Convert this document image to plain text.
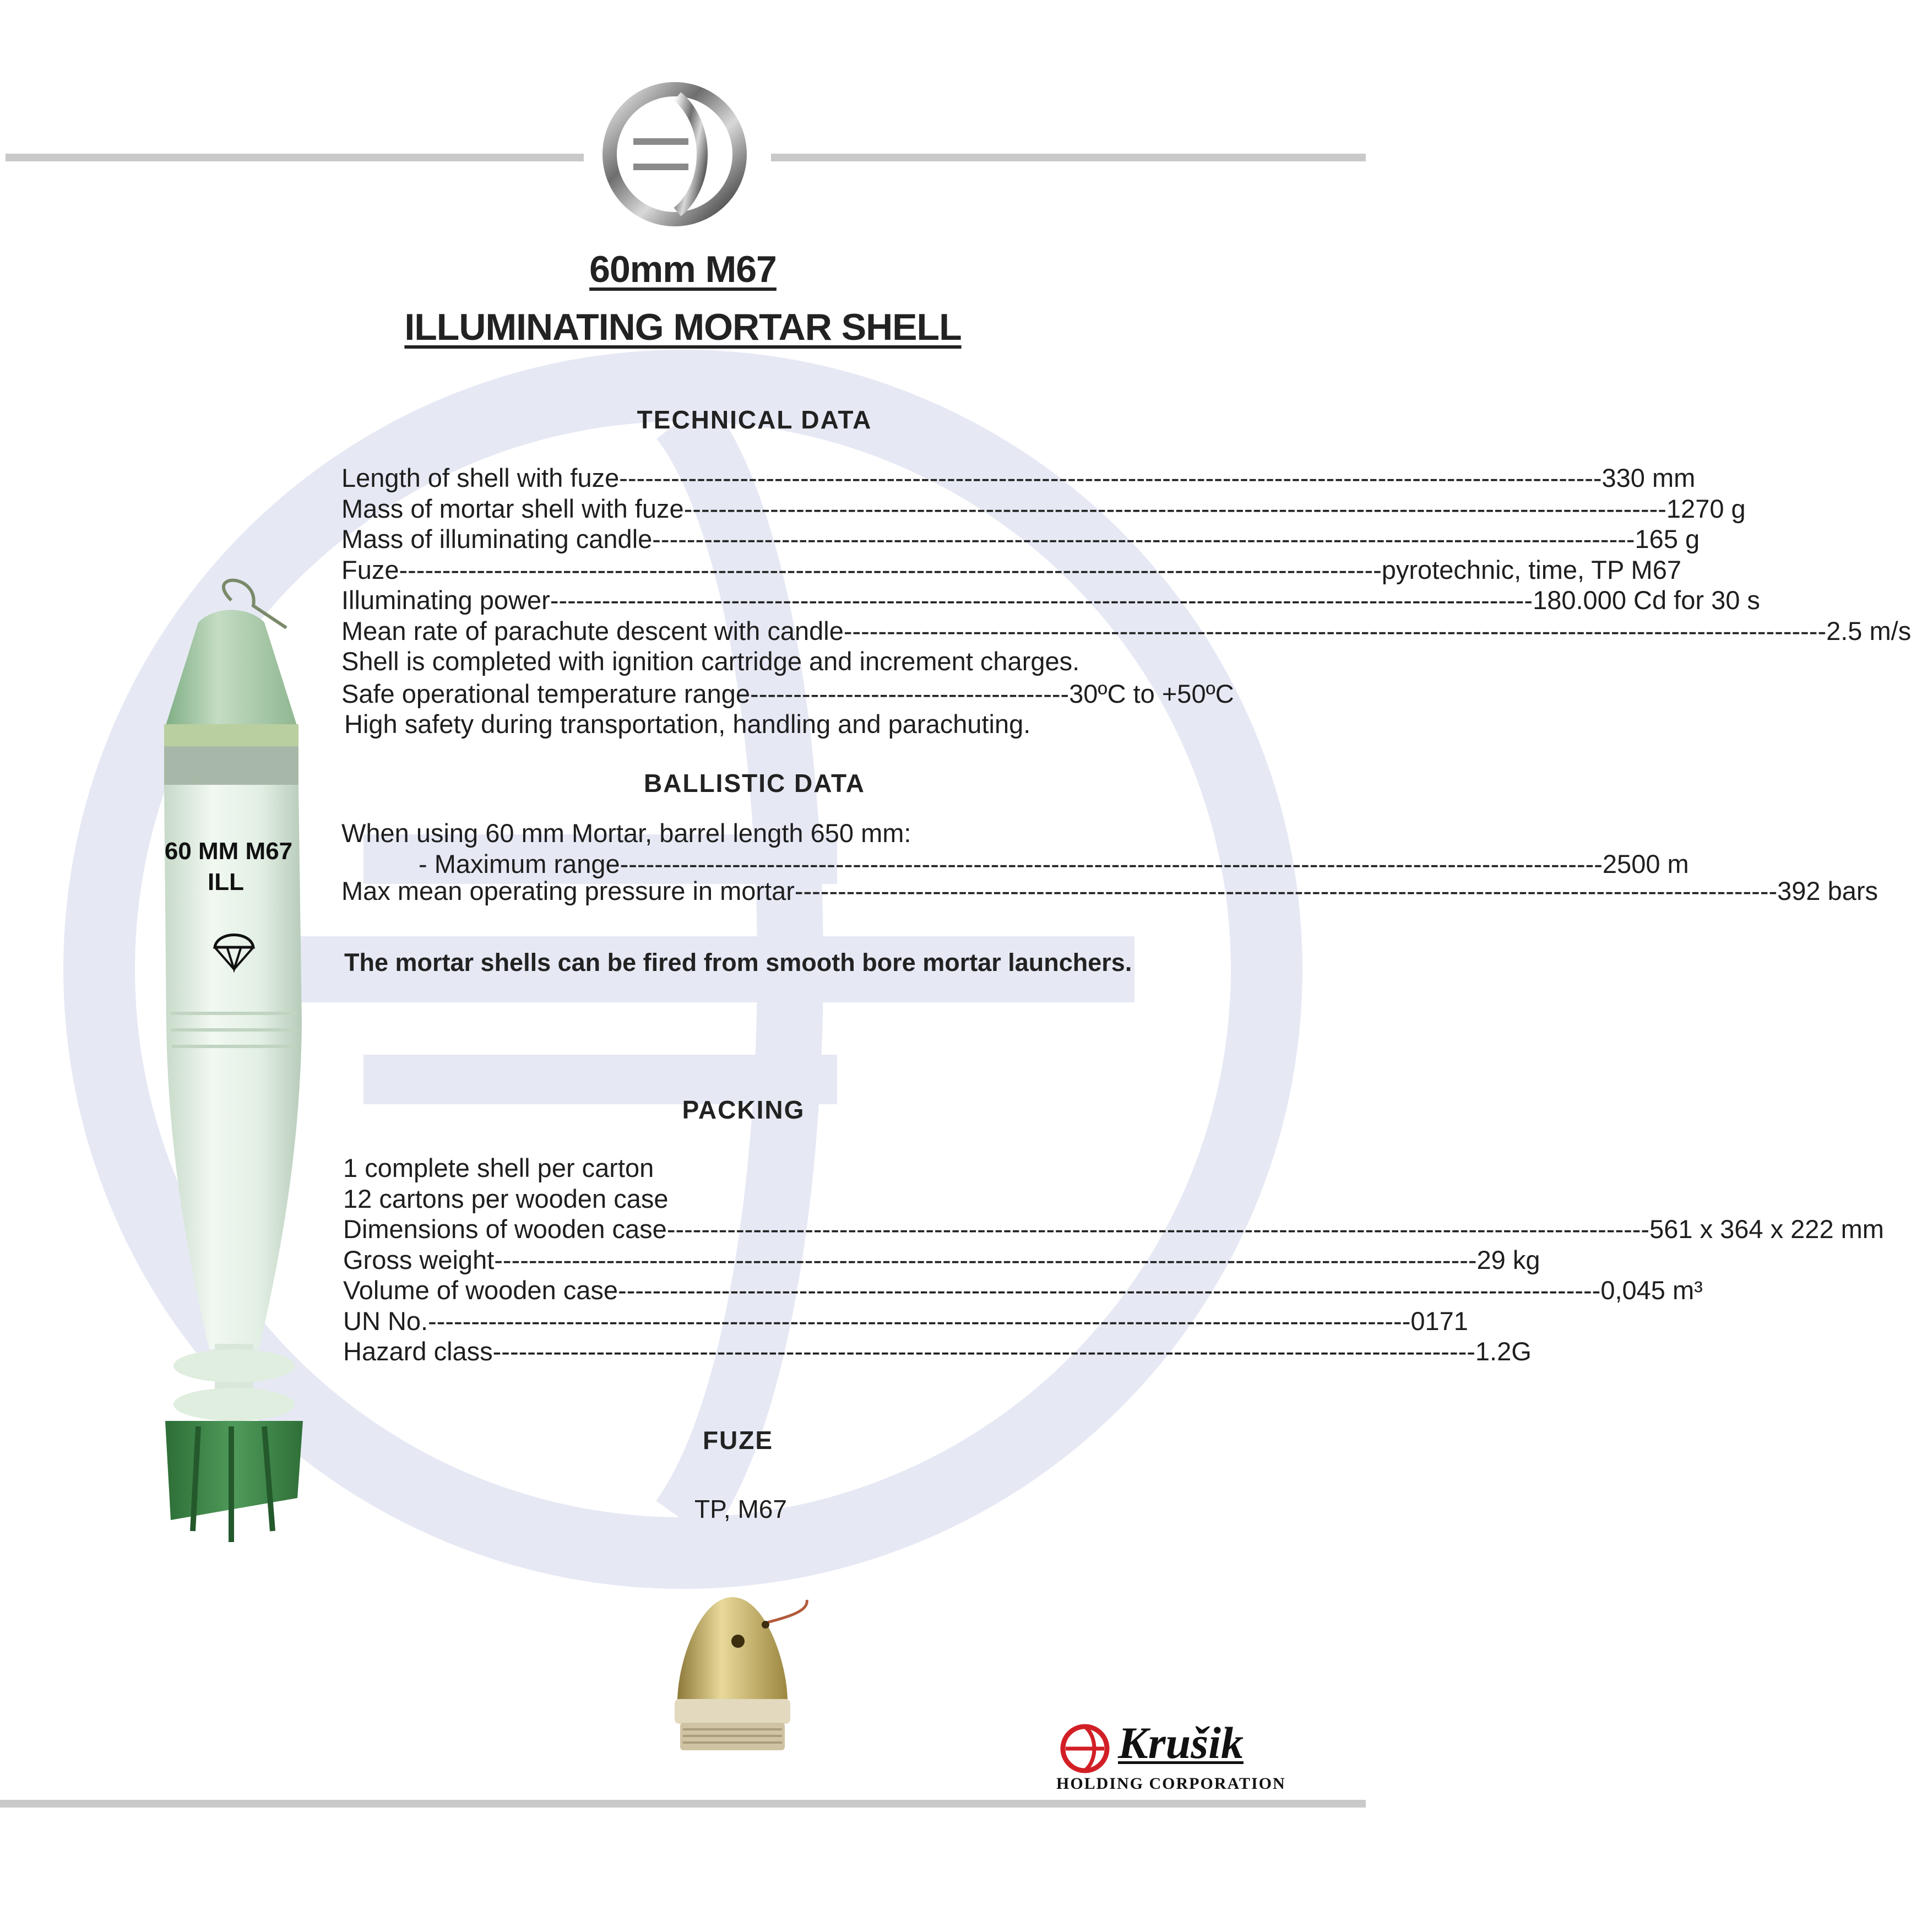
60mm M67
ILLUMINATING MORTAR SHELL
TECHNICAL DATA
Length of shell with fuze ------------------------------------------------------------------------------------------------------------------ 330 mm
Mass of mortar shell with fuze ------------------------------------------------------------------------------------------------------------------ 1270 g
Mass of illuminating candle ------------------------------------------------------------------------------------------------------------------ 165 g
Fuze ------------------------------------------------------------------------------------------------------------------ pyrotechnic, time, TP M67
Illuminating power ------------------------------------------------------------------------------------------------------------------ 180.000 Cd for 30 s
Mean rate of parachute descent with candle ------------------------------------------------------------------------------------------------------------------ 2.5 m/s
Shell is completed with ignition cartridge and increment charges.
Safe operational temperature range ------------------------------------ -30ºC to +50ºC
High safety during transportation, handling and parachuting.
BALLISTIC DATA
When using 60 mm Mortar, barrel length 650 mm:
- Maximum range ------------------------------------------------------------------------------------------------------------------ 2500 m
Max mean operating pressure in mortar ------------------------------------------------------------------------------------------------------------------ 392 bars
The mortar shells can be fired from smooth bore mortar launchers.
PACKING
1 complete shell per carton
12 cartons per wooden case
Dimensions of wooden case ------------------------------------------------------------------------------------------------------------------ 561 x 364 x 222 mm
Gross weight ------------------------------------------------------------------------------------------------------------------ 29 kg
Volume of wooden case ------------------------------------------------------------------------------------------------------------------ 0,045 m³
UN No. ------------------------------------------------------------------------------------------------------------------ 0171
Hazard class ------------------------------------------------------------------------------------------------------------------ 1.2G
FUZE
TP, M67
60 MM M67
ILL
Krušik
HOLDING CORPORATION
